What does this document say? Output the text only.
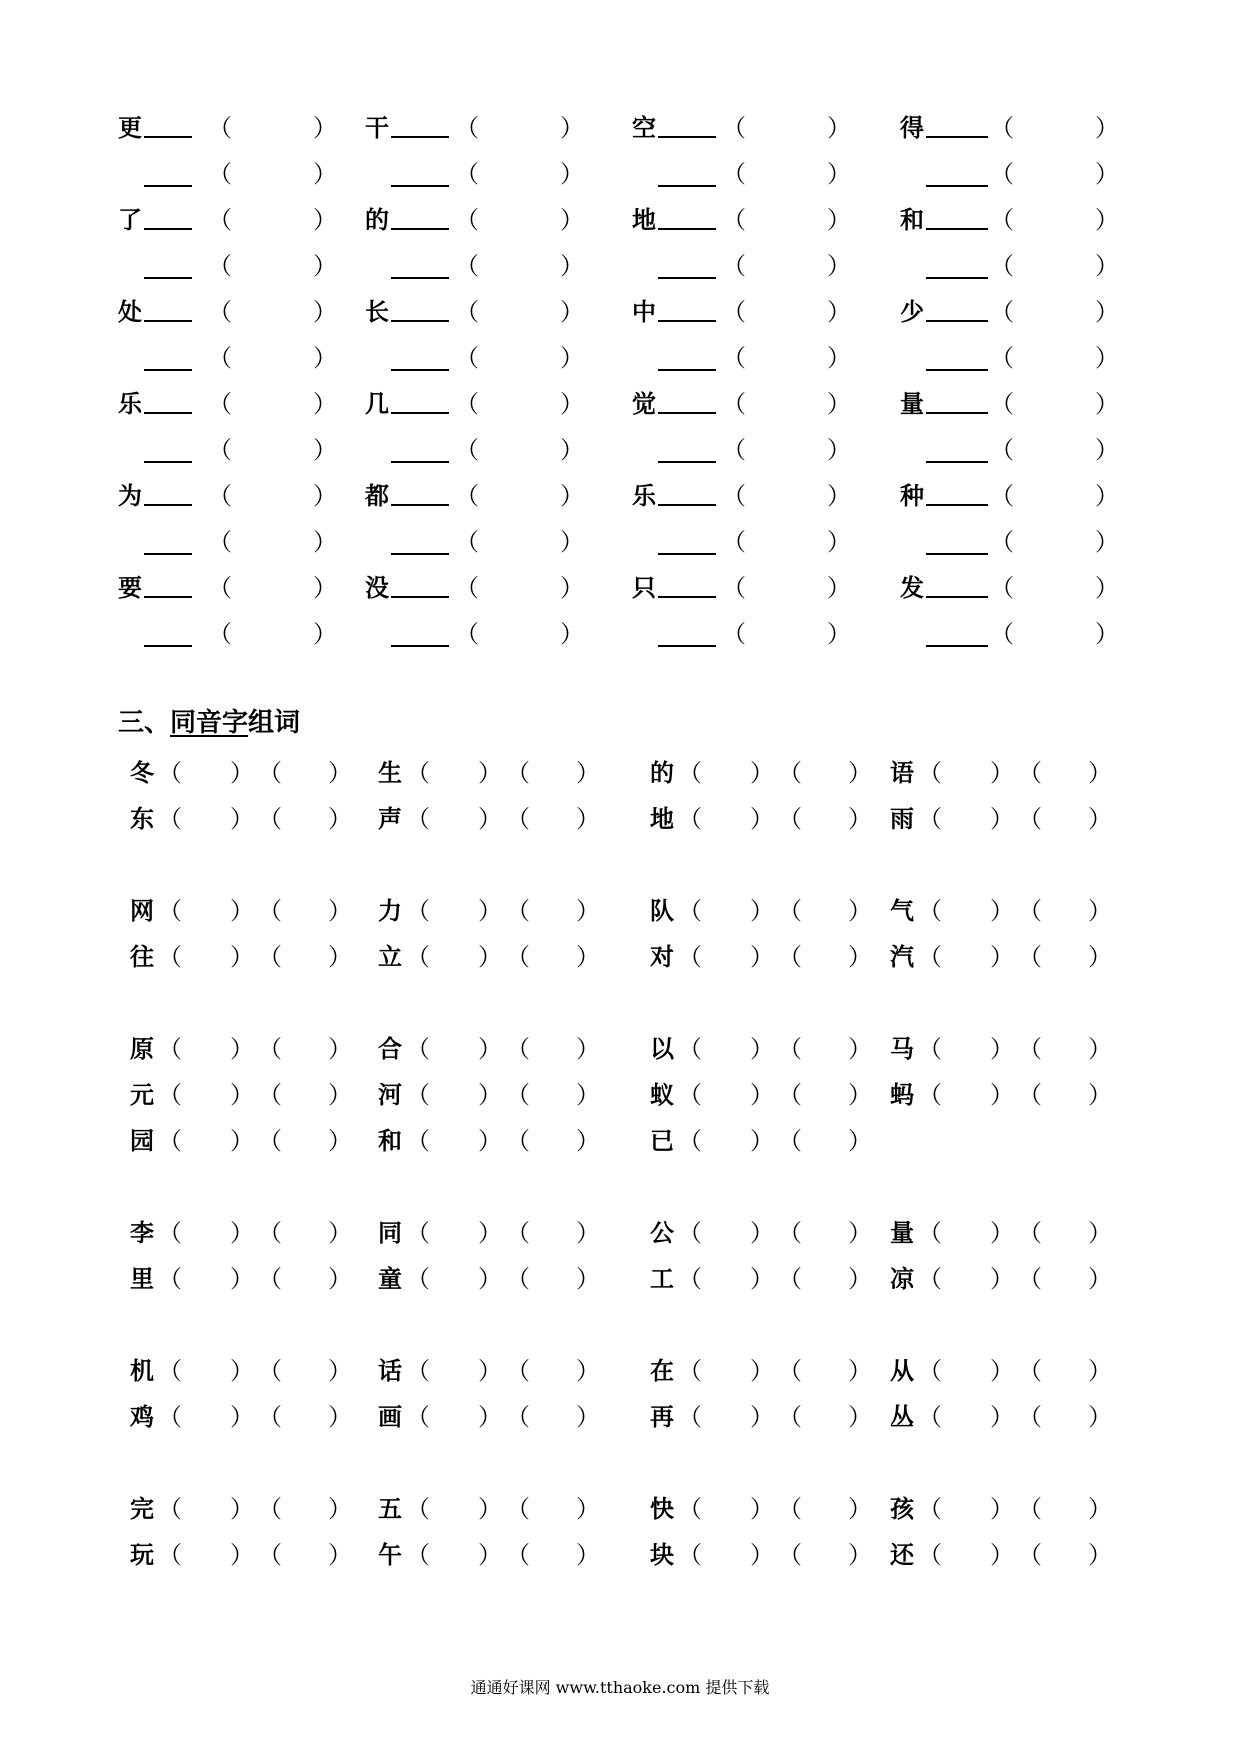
更	（	） 干	（	） 空	（	） 得	（	）
（	）	（	）	（	）	（	）
了	（	） 的	（	） 地	（	） 和	（	）
（	）	（	）	（	）	（	）
处	（	） 长	（	） 中	（	） 少	（	）
（	）	（	）	（	）	（	）
乐	（	） 几	（	） 觉	（	） 量	（	）
（	）	（	）	（	）	（	）
为	（	） 都	（	） 乐	（	） 种	（	）
（	）	（	）	（	）	（	）
要	（	） 没	（	） 只	（	） 发	（	）
（	）	（	）	（	）	（	）
冬 （ ） （ ） 生 （ ） （ ） 的 （ ） （ ） 语 （ ） （ ）
东 （ ） （ ） 声 （ ） （ ） 地 （ ） （ ） 雨 （ ） （ ）
网 （ ） （ ） 力 （ ） （ ） 队 （ ） （ ） 气 （ ） （ ）
往 （ ） （ ） 立 （ ） （ ） 对 （ ） （ ） 汽 （ ） （ ）
原 （ ） （ ） 合 （ ） （ ） 以 （ ） （ ） 马 （ ） （ ）
元 （ ） （ ） 河 （ ） （ ） 蚁 （ ） （ ） 蚂 （ ） （ ）
园 （ ） （ ） 和 （ ） （ ） 已 （ ） （ ）
李 （ ） （ ） 同 （ ） （ ） 公 （ ） （ ） 量 （ ） （ ）
里 （ ） （ ） 童 （ ） （ ） 工 （ ） （ ） 凉 （ ） （ ）
机 （ ） （ ） 话 （ ） （ ） 在 （ ） （ ） 从 （ ） （ ）
鸡 （ ） （ ） 画 （ ） （ ） 再 （ ） （ ） 丛 （ ） （ ）
完 （ ） （ ） 五 （ ） （ ） 快 （ ） （ ） 孩 （ ） （ ）
玩 （ ） （ ） 午 （ ） （ ） 块 （ ） （ ） 还 （ ） （ ）
三、同音字组词
通通好课网 www.tthaoke.com 提供下载
